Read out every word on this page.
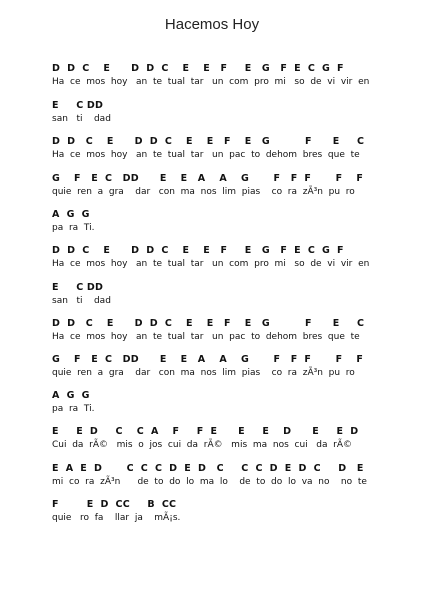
Hacemos Hoy
D  D  C    E      D  D  C    E    E   F     E   G   F  E  C  G  F
Ha  ce  mos  hoy   an  te  tual  tar   un  com  pro  mi   so  de  vi  vir  en
E     C DD
san   ti    dad
D  D   C    E      D  D  C    E    E   F    E   G          F      E     C
Ha  ce  mos  hoy   an  te  tual  tar   un  pac  to  dehom  bres  que  te
G    F   E  C   DD      E    E   A    A    G       F   F  F       F    F
quie  ren  a  gra    dar   con  ma  nos  lim  pias    co  ra  zÃ³n  pu  ro
A  G  G
pa  ra  Ti.
D  D  C    E      D  D  C    E    E   F     E   G   F  E  C  G  F
Ha  ce  mos  hoy   an  te  tual  tar   un  com  pro  mi   so  de  vi  vir  en
E     C DD
san   ti    dad
D  D   C    E      D  D  C    E    E   F    E   G          F      E     C
Ha  ce  mos  hoy   an  te  tual  tar   un  pac  to  dehom  bres  que  te
G    F   E  C   DD      E    E   A    A    G       F   F  F       F    F
quie  ren  a  gra    dar   con  ma  nos  lim  pias    co  ra  zÃ³n  pu  ro
A  G  G
pa  ra  Ti.
E     E  D     C    C  A    F     F  E      E     E    D      E     E  D
Cui  da  rÃ©   mis  o  jos  cui  da  rÃ©   mis  ma  nos  cui   da  rÃ©
E  A  E  D       C  C  C  D  E  D   C     C  C  D  E  D  C     D   E
mi  co  ra  zÃ³n      de  to  do  lo  ma  lo    de  to  do  lo  va  no    no  te
F        E  D  CC     B  CC
quie   ro  fa    llar  ja    mÃ¡s.
